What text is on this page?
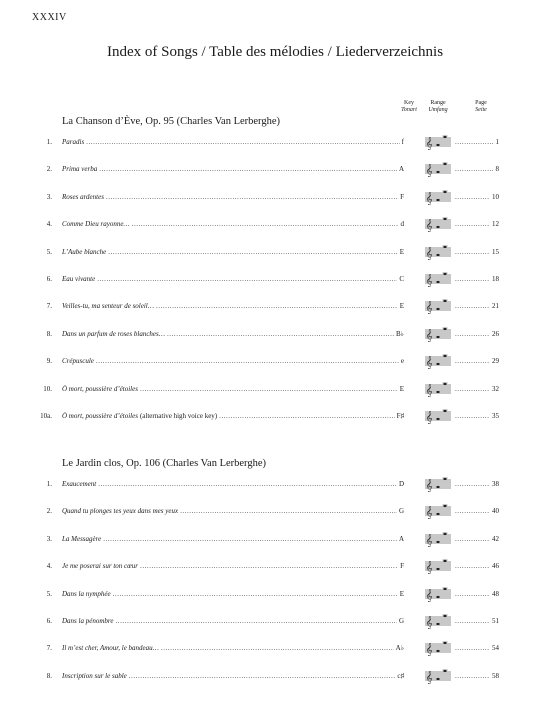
XXXIV
Index of Songs / Table des mélodies / Liederverzeichnis
Key
Tonart
Range
Umfang
Page
Seite
La Chanson d’Ève, Op. 95 (Charles Van Lerberghe)
1. Paradis . . .	f 𝄞 . . .	1
2. Prima verba . . .	A 𝄞 . . .	8
3. Roses ardentes . . .	F 𝄞 . . .	10
4. Comme Dieu rayonne… . . .	d 𝄞 . . .	12
5. L’Aube blanche . . .	E 𝄞 . . .	15
6. Eau vivante . . .	C 𝄞 . . .	18
7. Veilles-tu, ma senteur de soleil… . . .	E 𝄞 . . .	21
8. Dans un parfum de roses blanches… . . .	B♭ 𝄞 . . .	26
9. Crépuscule . . .	e 𝄞 . . .	29
10. Ô mort, poussière d’étoiles . . .	E 𝄞 . . .	32
10a. Ô mort, poussière d’étoiles (alternative high voice key) . . .	F♯ 𝄞 . . .	35
Le Jardin clos, Op. 106 (Charles Van Lerberghe)
1. Exaucement . . .	D 𝄞 . . .	38
2. Quand tu plonges tes yeux dans mes yeux . . .	G 𝄞 . . .	40
3. La Messagère . . .	A 𝄞 . . .	42
4. Je me poserai sur ton cœur . . .	F 𝄞 . . .	46
5. Dans la nymphée . . .	E 𝄞 . . .	48
6. Dans la pénombre . . .	G 𝄞 . . .	51
7. Il m’est cher, Amour, le bandeau… . . .	A♭ 𝄞 . . .	54
8. Inscription sur le sable . . .	c♯ 𝄞 . . .	58
